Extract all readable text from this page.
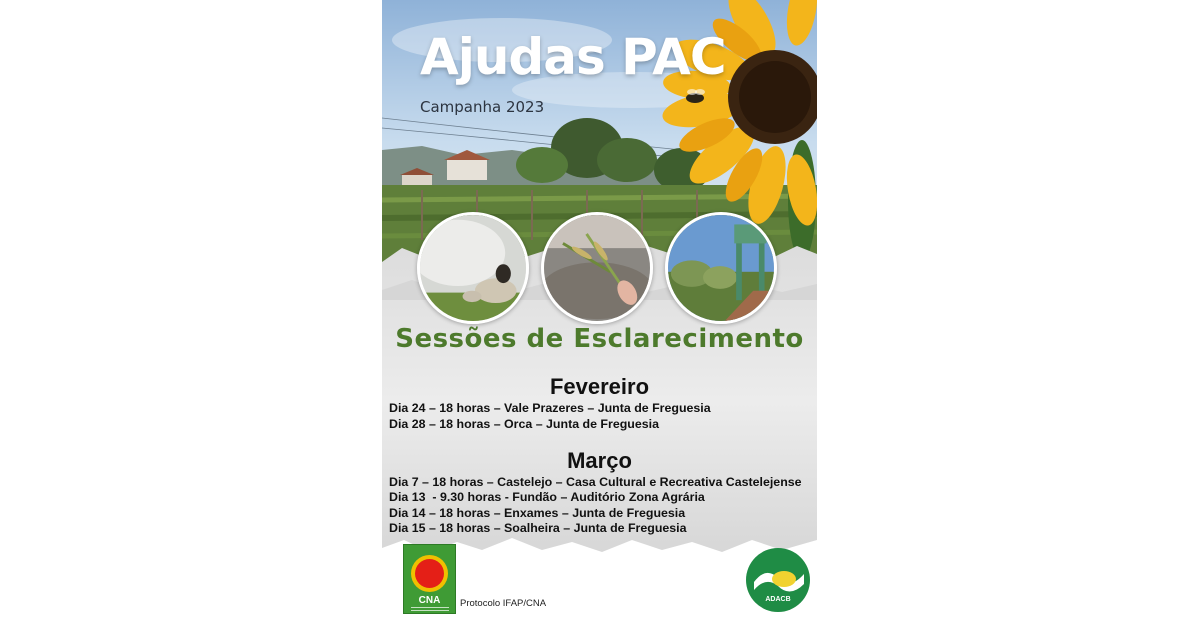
Ajudas PAC
Campanha 2023
Sessões de Esclarecimento
Fevereiro
Dia 24 – 18 horas – Vale Prazeres – Junta de Freguesia
Dia 28 – 18 horas – Orca – Junta de Freguesia
Março
Dia 7 – 18 horas – Castelejo – Casa Cultural e Recreativa Castelejense
Dia 13  - 9.30 horas - Fundão – Auditório Zona Agrária
Dia 14 – 18 horas – Enxames – Junta de Freguesia
Dia 15 – 18 horas – Soalheira – Junta de Freguesia
CNA	Protocolo IFAP/CNA	ADACB
